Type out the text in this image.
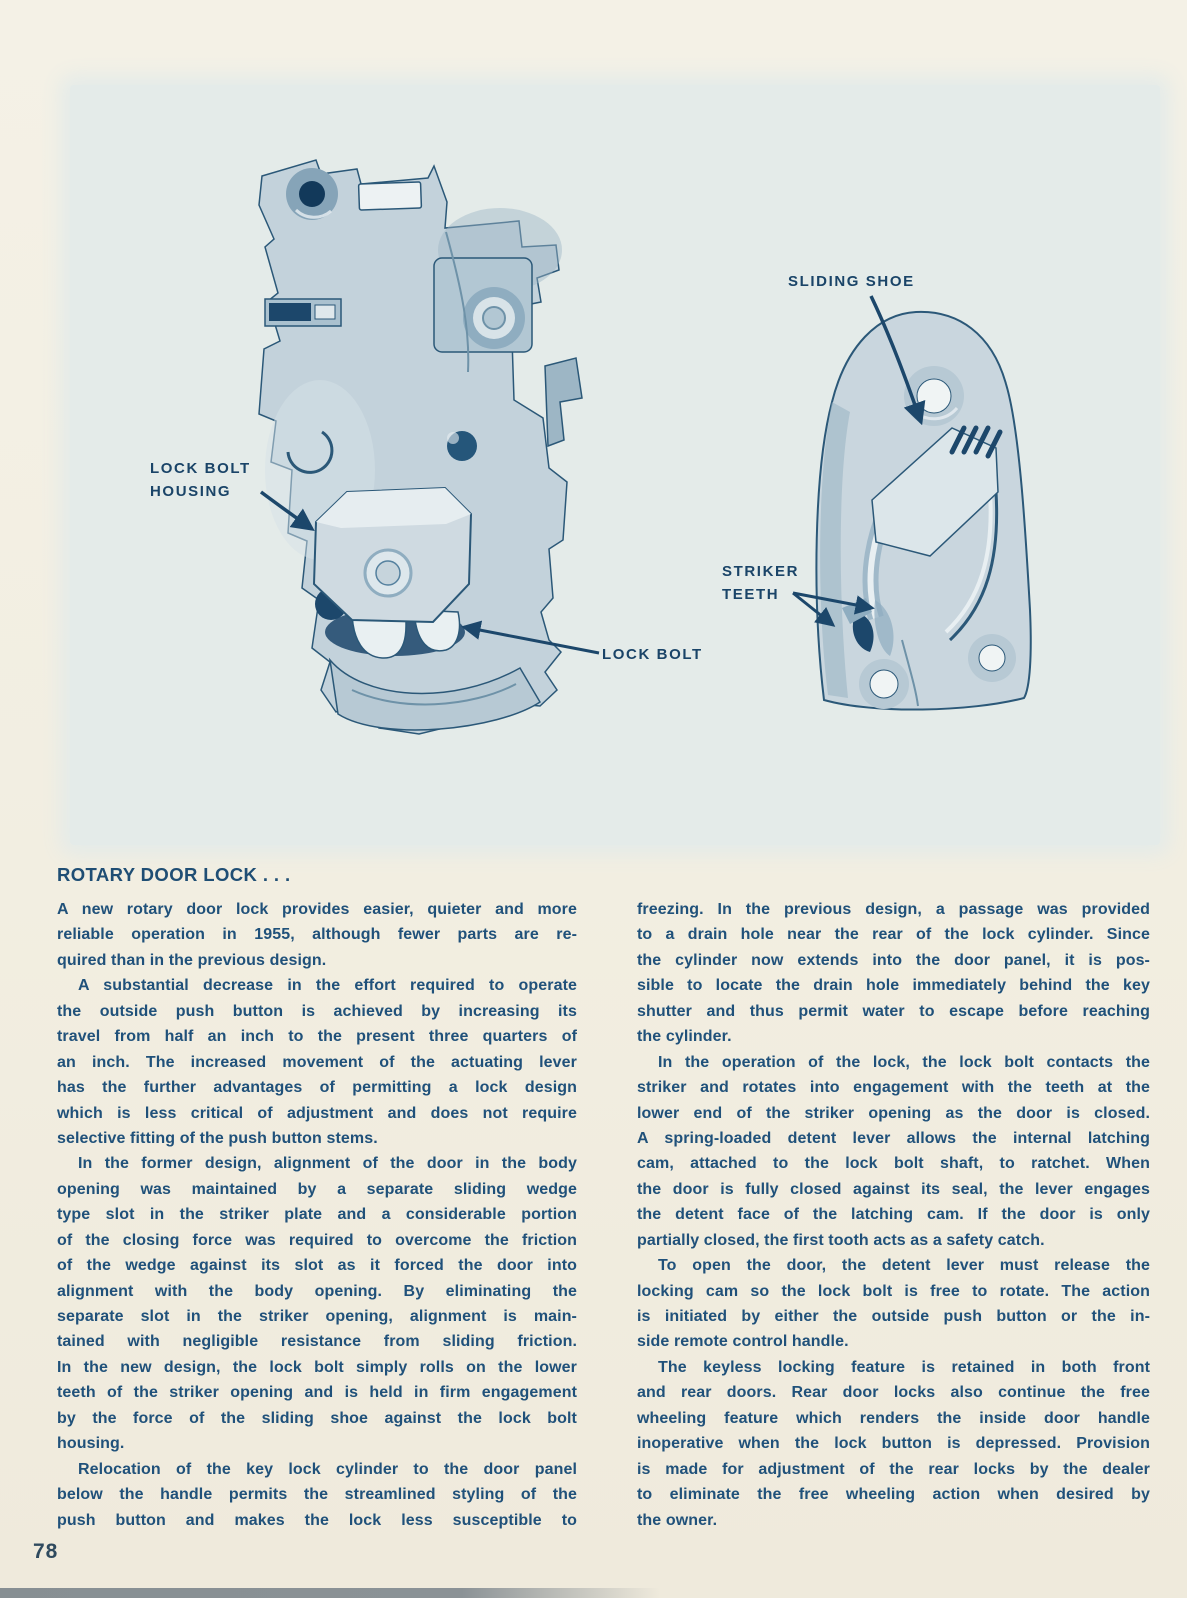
SLIDING SHOE
LOCK BOLT
HOUSING
STRIKER
TEETH
LOCK BOLT
ROTARY DOOR LOCK . . .
A new rotary door lock provides easier, quieter and more
reliable operation in 1955, although fewer parts are re-
quired than in the previous design.
A substantial decrease in the effort required to operate
the outside push button is achieved by increasing its
travel from half an inch to the present three quarters of
an inch. The increased movement of the actuating lever
has the further advantages of permitting a lock design
which is less critical of adjustment and does not require
selective fitting of the push button stems.
In the former design, alignment of the door in the body
opening was maintained by a separate sliding wedge
type slot in the striker plate and a considerable portion
of the closing force was required to overcome the friction
of the wedge against its slot as it forced the door into
alignment with the body opening. By eliminating the
separate slot in the striker opening, alignment is main-
tained with negligible resistance from sliding friction.
In the new design, the lock bolt simply rolls on the lower
teeth of the striker opening and is held in firm engagement
by the force of the sliding shoe against the lock bolt
housing.
Relocation of the key lock cylinder to the door panel
below the handle permits the streamlined styling of the
push button and makes the lock less susceptible to
freezing. In the previous design, a passage was provided
to a drain hole near the rear of the lock cylinder. Since
the cylinder now extends into the door panel, it is pos-
sible to locate the drain hole immediately behind the key
shutter and thus permit water to escape before reaching
the cylinder.
In the operation of the lock, the lock bolt contacts the
striker and rotates into engagement with the teeth at the
lower end of the striker opening as the door is closed.
A spring-loaded detent lever allows the internal latching
cam, attached to the lock bolt shaft, to ratchet. When
the door is fully closed against its seal, the lever engages
the detent face of the latching cam. If the door is only
partially closed, the first tooth acts as a safety catch.
To open the door, the detent lever must release the
locking cam so the lock bolt is free to rotate. The action
is initiated by either the outside push button or the in-
side remote control handle.
The keyless locking feature is retained in both front
and rear doors. Rear door locks also continue the free
wheeling feature which renders the inside door handle
inoperative when the lock button is depressed. Provision
is made for adjustment of the rear locks by the dealer
to eliminate the free wheeling action when desired by
the owner.
78
